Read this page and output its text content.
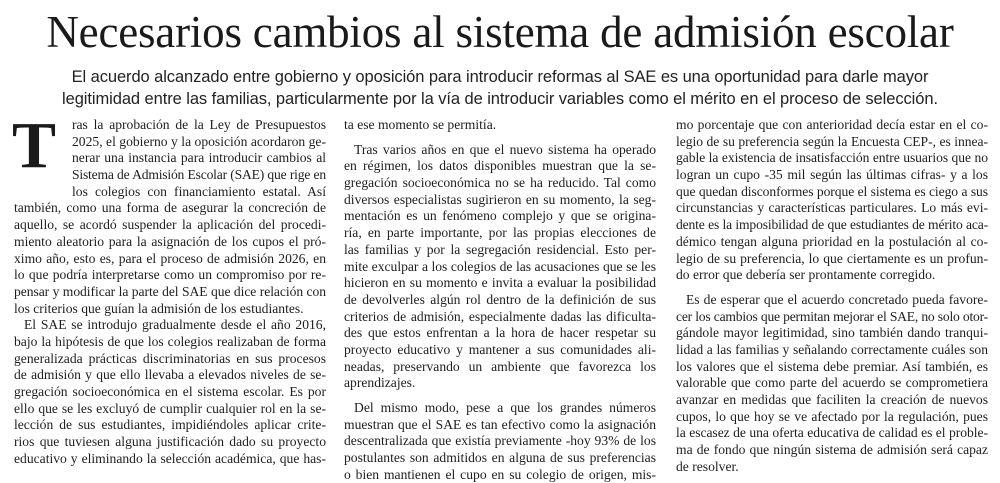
Necesarios cambios al sistema de admisión escolar
El acuerdo alcanzado entre gobierno y oposición para introducir reformas al SAE es una oportunidad para darle mayor
legitimidad entre las familias, particularmente por la vía de introducir variables como el mérito en el proceso de selección.
T ras la aprobación de la Ley de Presupuestos
2025, el gobierno y la oposición acordaron ge-
nerar una instancia para introducir cambios al
Sistema de Admisión Escolar (SAE) que rige en
los colegios con financiamiento estatal. Así
también, como una forma de asegurar la concreción de
aquello, se acordó suspender la aplicación del procedi-
miento aleatorio para la asignación de los cupos el pró-
ximo año, esto es, para el proceso de admisión 2026, en
lo que podría interpretarse como un compromiso por re-
pensar y modificar la parte del SAE que dice relación con
los criterios que guían la admisión de los estudiantes.
El SAE se introdujo gradualmente desde el año 2016,
bajo la hipótesis de que los colegios realizaban de forma
generalizada prácticas discriminatorias en sus procesos
de admisión y que ello llevaba a elevados niveles de se-
gregación socioeconómica en el sistema escolar. Es por
ello que se les excluyó de cumplir cualquier rol en la se-
lección de sus estudiantes, impidiéndoles aplicar crite-
rios que tuviesen alguna justificación dado su proyecto
educativo y eliminando la selección académica, que has-
ta ese momento se permitía.
Tras varios años en que el nuevo sistema ha operado
en régimen, los datos disponibles muestran que la se-
gregación socioeconómica no se ha reducido. Tal como
diversos especialistas sugirieron en su momento, la seg-
mentación es un fenómeno complejo y que se origina-
ría, en parte importante, por las propias elecciones de
las familias y por la segregación residencial. Esto per-
mite exculpar a los colegios de las acusaciones que se les
hicieron en su momento e invita a evaluar la posibilidad
de devolverles algún rol dentro de la definición de sus
criterios de admisión, especialmente dadas las dificulta-
des que estos enfrentan a la hora de hacer respetar su
proyecto educativo y mantener a sus comunidades ali-
neadas, preservando un ambiente que favorezca los
aprendizajes.
Del mismo modo, pese a que los grandes números
muestran que el SAE es tan efectivo como la asignación
descentralizada que existía previamente -hoy 93% de los
postulantes son admitidos en alguna de sus preferencias
o bien mantienen el cupo en su colegio de origen, mis-
mo porcentaje que con anterioridad decía estar en el co-
legio de su preferencia según la Encuesta CEP-, es innea-
gable la existencia de insatisfacción entre usuarios que no
logran un cupo -35 mil según las últimas cifras- y a los
que quedan disconformes porque el sistema es ciego a sus
circunstancias y características particulares. Lo más evi-
dente es la imposibilidad de que estudiantes de mérito aca-
démico tengan alguna prioridad en la postulación al co-
legio de su preferencia, lo que ciertamente es un profun-
do error que debería ser prontamente corregido.
Es de esperar que el acuerdo concretado pueda favore-
cer los cambios que permitan mejorar el SAE, no solo otor-
gándole mayor legitimidad, sino también dando tranqui-
lidad a las familias y señalando correctamente cuáles son
los valores que el sistema debe premiar. Así también, es
valorable que como parte del acuerdo se comprometiera
avanzar en medidas que faciliten la creación de nuevos
cupos, lo que hoy se ve afectado por la regulación, pues
la escasez de una oferta educativa de calidad es el proble-
ma de fondo que ningún sistema de admisión será capaz
de resolver.
